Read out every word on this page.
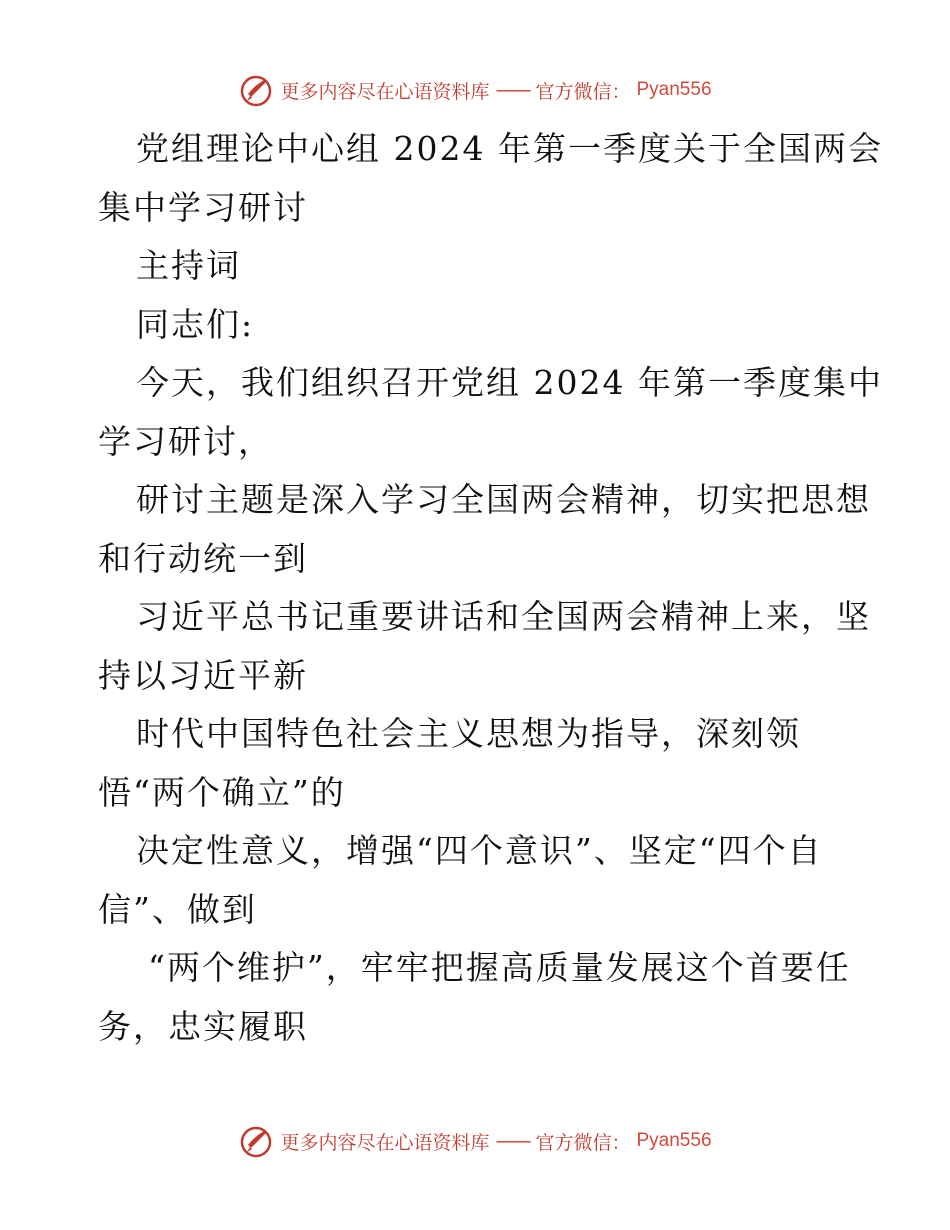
更多内容尽在心语资料库 —— 官方微信： Pyan556
党组理论中心组 2024 年第一季度关于全国两会
集中学习研讨
主持词
同志们:
今天，我们组织召开党组 2024 年第一季度集中
学习研讨，
研讨主题是深入学习全国两会精神，切实把思想
和行动统一到
习近平总书记重要讲话和全国两会精神上来，坚
持以习近平新
时代中国特色社会主义思想为指导，深刻领
悟“两个确立”的
决定性意义，增强“四个意识”、坚定“四个自
信”、做到
“两个维护”，牢牢把握高质量发展这个首要任
务，忠实履职
更多内容尽在心语资料库 —— 官方微信： Pyan556
